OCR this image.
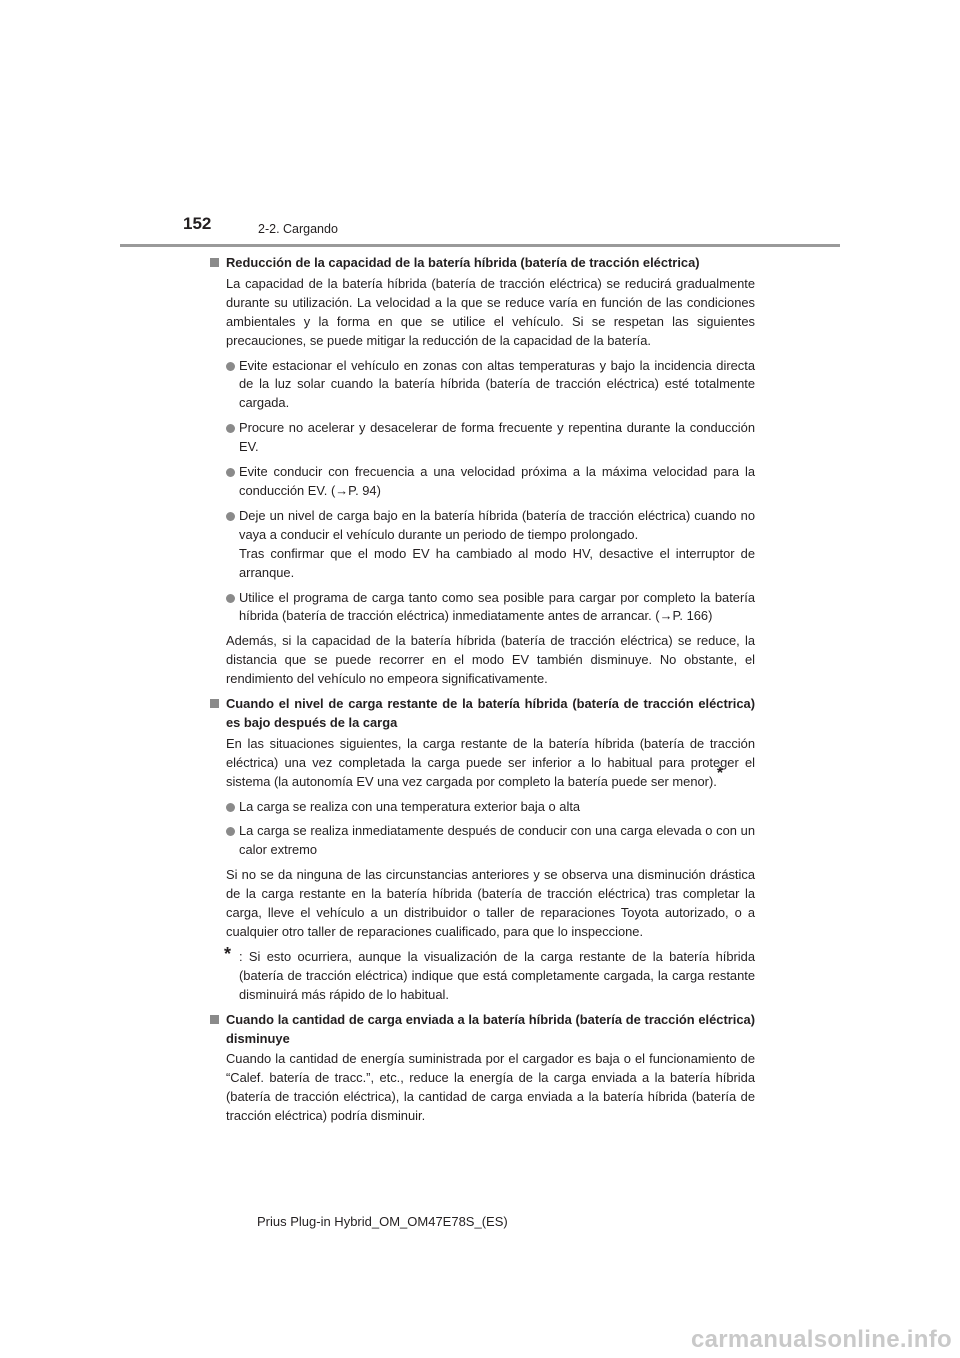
152	2-2. Cargando
Reducción de la capacidad de la batería híbrida (batería de tracción eléctrica)
La capacidad de la batería híbrida (batería de tracción eléctrica) se reducirá gradualmente durante su utilización. La velocidad a la que se reduce varía en función de las condiciones ambientales y la forma en que se utilice el vehículo. Si se respetan las siguientes precauciones, se puede mitigar la reducción de la capacidad de la batería.
Evite estacionar el vehículo en zonas con altas temperaturas y bajo la incidencia directa de la luz solar cuando la batería híbrida (batería de tracción eléctrica) esté totalmente cargada.
Procure no acelerar y desacelerar de forma frecuente y repentina durante la conducción EV.
Evite conducir con frecuencia a una velocidad próxima a la máxima velocidad para la conducción EV. (→P. 94)
Deje un nivel de carga bajo en la batería híbrida (batería de tracción eléctrica) cuando no vaya a conducir el vehículo durante un periodo de tiempo prolongado.
Tras confirmar que el modo EV ha cambiado al modo HV, desactive el interruptor de arranque.
Utilice el programa de carga tanto como sea posible para cargar por completo la batería híbrida (batería de tracción eléctrica) inmediatamente antes de arrancar. (→P. 166)
Además, si la capacidad de la batería híbrida (batería de tracción eléctrica) se reduce, la distancia que se puede recorrer en el modo EV también disminuye. No obstante, el rendimiento del vehículo no empeora significativamente.
Cuando el nivel de carga restante de la batería híbrida (batería de tracción eléctrica) es bajo después de la carga
En las situaciones siguientes, la carga restante de la batería híbrida (batería de tracción eléctrica) una vez completada la carga puede ser inferior a lo habitual para proteger el sistema (la autonomía EV una vez cargada por completo la batería puede ser menor).*
La carga se realiza con una temperatura exterior baja o alta
La carga se realiza inmediatamente después de conducir con una carga elevada o con un calor extremo
Si no se da ninguna de las circunstancias anteriores y se observa una disminución drástica de la carga restante en la batería híbrida (batería de tracción eléctrica) tras completar la carga, lleve el vehículo a un distribuidor o taller de reparaciones Toyota autorizado, o a cualquier otro taller de reparaciones cualificado, para que lo inspeccione.
* : Si esto ocurriera, aunque la visualización de la carga restante de la batería híbrida (batería de tracción eléctrica) indique que está completamente cargada, la carga restante disminuirá más rápido de lo habitual.
Cuando la cantidad de carga enviada a la batería híbrida (batería de tracción eléctrica) disminuye
Cuando la cantidad de energía suministrada por el cargador es baja o el funcionamiento de “Calef. batería de tracc.”, etc., reduce la energía de la carga enviada a la batería híbrida (batería de tracción eléctrica), la cantidad de carga enviada a la batería híbrida (batería de tracción eléctrica) podría disminuir.
Prius Plug-in Hybrid_OM_OM47E78S_(ES)
carmanualsonline.info
